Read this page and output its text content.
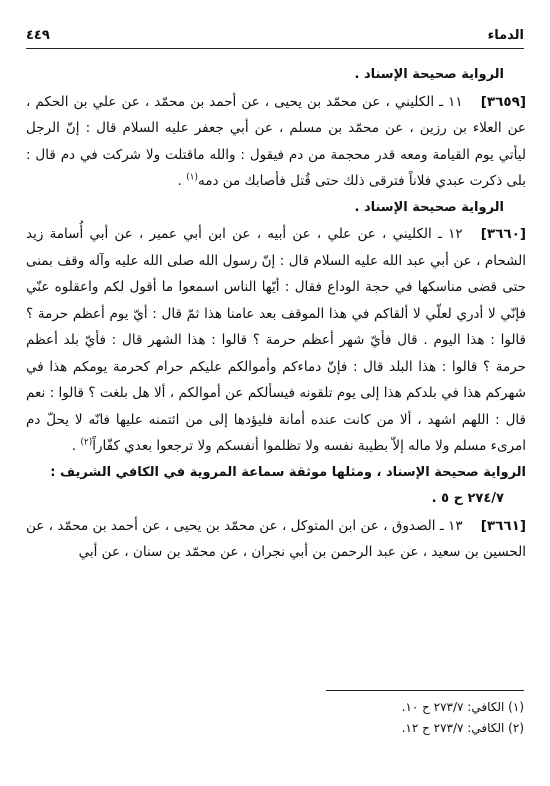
الدماء
٤٤٩

الرواية صحيحة الإسناد .

[٣٦٥٩]١١ ـ الكليني ، عن محمّد بن يحيى ، عن أحمد بن محمّد ، عن علي بن الحكم ، عن العلاء بن رزين ، عن محمّد بن مسلم ، عن أبي جعفر عليه السلام قال : إنّ الرجل ليأتي يوم القيامة ومعه قدر محجمة من دم فيقول : والله ماقتلت ولا شركت في دم قال : بلى ذكرت عبدي فلاناً فترقى ذلك حتى قُتل فأصابك من دمه$^{(١)}$ .

الرواية صحيحة الإسناد .

[٣٦٦٠]١٢ ـ الكليني ، عن علي ، عن أبيه ، عن ابن أبي عمير ، عن أبي أُسامة زيد الشحام ، عن أبي عبد الله عليه السلام قال : إنّ رسول الله صلى الله عليه وآله وقف بمنى حتى قضى مناسكها في حجة الوداع فقال : أيّها الناس اسمعوا ما أقول لكم واعقلوه عنّي فإنّي لا أدري لعلّي لا ألقاكم في هذا الموقف بعد عامنا هذا ثمّ قال : أيّ يوم أعظم حرمة ؟ قالوا : هذا اليوم . قال فأيّ شهر أعظم حرمة ؟ قالوا : هذا الشهر قال : فأيّ بلد أعظم حرمة ؟ قالوا : هذا البلد قال : فإنّ دماءكم وأموالكم عليكم حرام كحرمة يومكم هذا في شهركم هذا في بلدكم هذا إلى يوم تلقونه فيسألكم عن أموالكم ، ألا هل بلغت ؟ قالوا : نعم قال : اللهم اشهد ، ألا من كانت عنده أمانة فليؤدها إلى من ائتمنه عليها فانّه لا يحلّ دم امرىء مسلم ولا ماله إلاّ بطيبة نفسه ولا تظلموا أنفسكم ولا ترجعوا بعدي كفّاراً$^{(٢)}$ .

الرواية صحيحة الإسناد ، ومثلها موثقة سماعة المروية في الكافي الشريف :

٢٧٤/٧ ح ٥ .

[٣٦٦١]١٣ ـ الصدوق ، عن ابن المتوكل ، عن محمّد بن يحيى ، عن أحمد بن محمّد ، عن الحسين بن سعيد ، عن عبد الرحمن بن أبي نجران ، عن محمّد بن سنان ، عن أبي

(١) الكافي: ٢٧٣/٧ ح ١٠.

(٢) الكافي: ٢٧٣/٧ ح ١٢.
